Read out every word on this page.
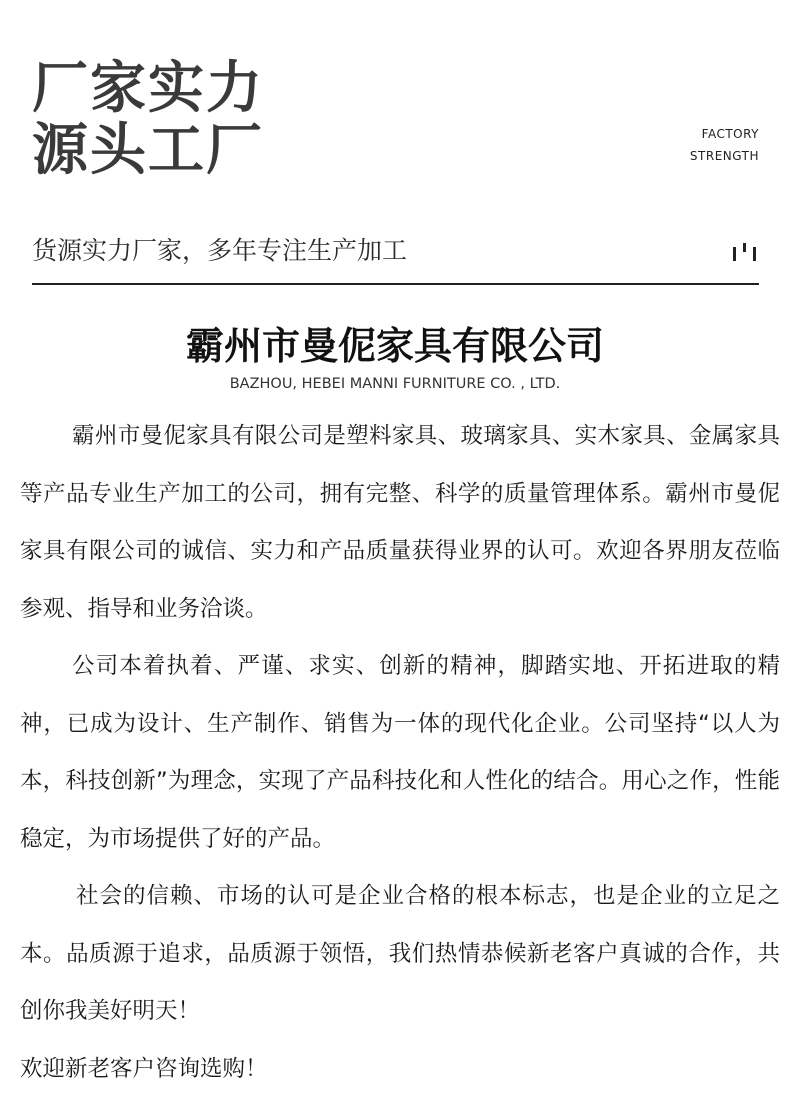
厂家实力
源头工厂	FACTORY
STRENGTH
货源实力厂家，多年专注生产加工
霸州市曼伲家具有限公司
BAZHOU, HEBEI MANNI FURNITURE CO. , LTD.

霸州市曼伲家具有限公司是塑料家具、玻璃家具、实木家具、金属家具等产品专业生产加工的公司，拥有完整、科学的质量管理体系。霸州市曼伲家具有限公司的诚信、实力和产品质量获得业界的认可。欢迎各界朋友莅临参观、指导和业务洽谈。

公司本着执着、严谨、求实、创新的精神，脚踏实地、开拓进取的精神，已成为设计、生产制作、销售为一体的现代化企业。公司坚持“以人为本，科技创新”为理念，实现了产品科技化和人性化的结合。用心之作，性能稳定，为市场提供了好的产品。

社会的信赖、市场的认可是企业合格的根本标志，也是企业的立足之本。品质源于追求，品质源于领悟，我们热情恭候新老客户真诚的合作，共创你我美好明天！

欢迎新老客户咨询选购！
